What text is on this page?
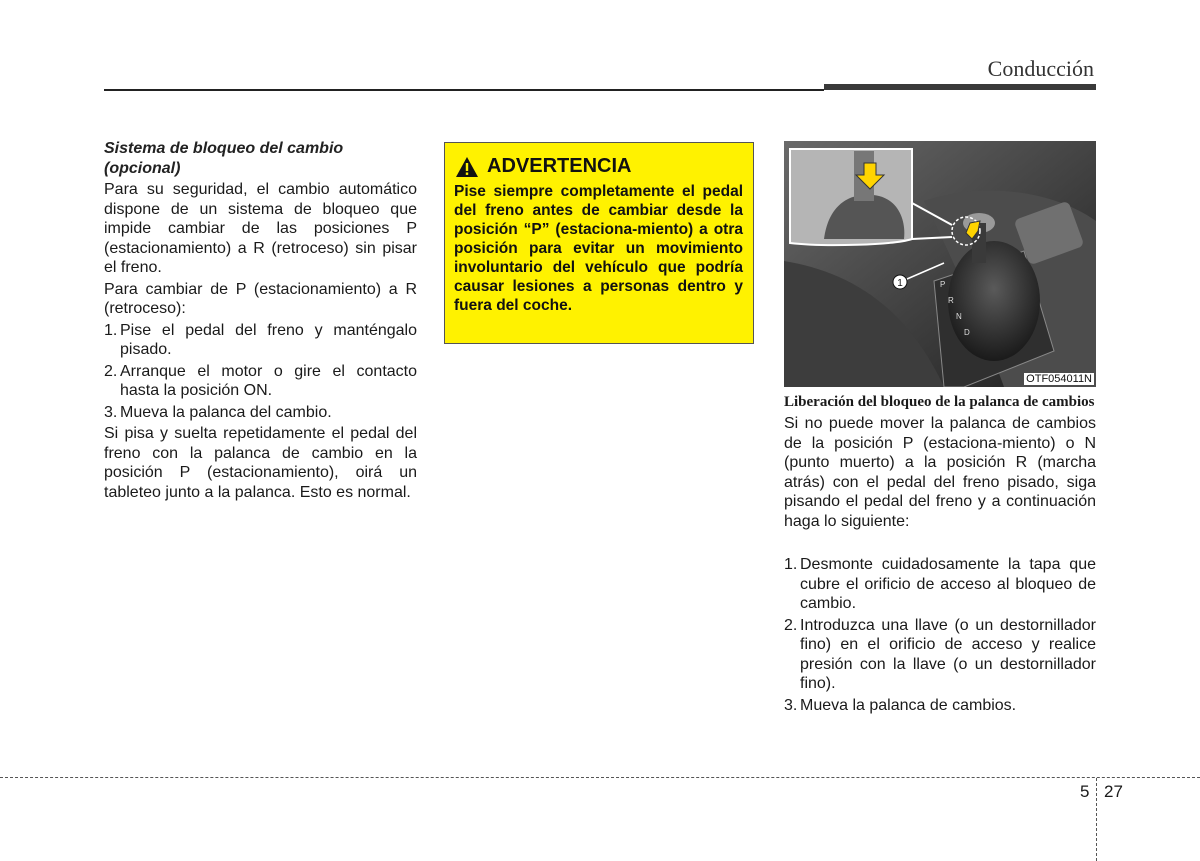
Conducción
Sistema de bloqueo del cambio (opcional)

Para su seguridad, el cambio automático dispone de un sistema de bloqueo que impide cambiar de las posiciones P (estacionamiento) a R (retroceso) sin pisar el freno.

Para cambiar de P (estacionamiento) a R (retroceso):

1. Pise el pedal del freno y manténgalo pisado.
2. Arranque el motor o gire el contacto hasta la posición ON.
3. Mueva la palanca del cambio.

Si pisa y suelta repetidamente el pedal del freno con la palanca de cambio en la posición P (estacionamiento), oirá un tableteo junto a la palanca. Esto es normal.

ADVERTENCIA
Pise siempre completamente el pedal del freno antes de cambiar desde la posición “P” (estaciona-miento) a otra posición para evitar un movimiento involuntario del vehículo que podría causar lesiones a personas dentro y fuera del coche.
1	P
R
N
D
OTF054011N
Liberación del bloqueo de la palanca de cambios

Si no puede mover la palanca de cambios de la posición P (estaciona-miento) o N (punto muerto) a la posición R (marcha atrás) con el pedal del freno pisado, siga pisando el pedal del freno y a continuación haga lo siguiente:

1. Desmonte cuidadosamente la tapa que cubre el orificio de acceso al bloqueo de cambio.
2. Introduzca una llave (o un destornillador fino) en el orificio de acceso y realice presión con la llave (o un destornillador fino).
3. Mueva la palanca de cambios.
5 27
